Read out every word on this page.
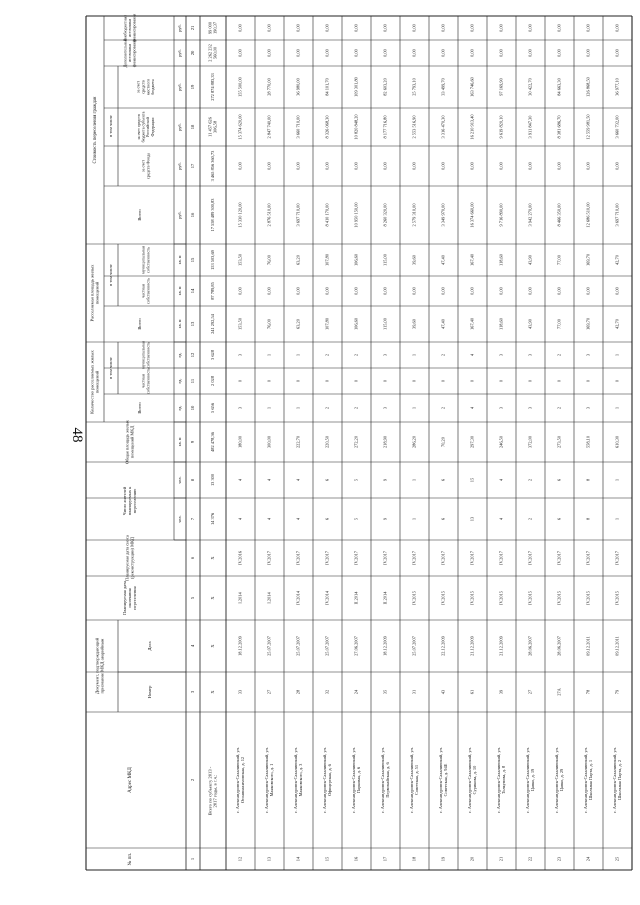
48
№ пп.
Адрес МКД
Документ, подтверждающий признание МКД аварийным	Номер
Дата
Планируемая дата окончания переселения
Планируемая дата сноса (реконструкции) МКД
Число жителей планируемых к переселению
Общая площадь жилых помещений МКД
Количество расселяемых жилых помещений
Всего
в том числе
частная собственность
муниципальная собственность
Расселяемая площадь жилых помещений
Всего
в том числе
частная собственность
муниципальная собственность
Стоимость переселения граждан
Всего
в том числе
за счет средств Фонда
за счет средств бюджета субъекта Российской Федерации
за счет средств местного бюджета
Дополнительные источники финансирования
Внебюджетные источники финансирования
чел.
чел.
кв. м
ед.
ед.
ед.
кв. м
кв. м
кв. м
руб.
руб.
руб.
руб.
руб.
руб.
1
2
3
4
5
6
7
8
9
10
11
12
13
14
15
16
17
18
19
20
21
Всего по субъекту 2013 - 2017 годы, в т.ч.:
X
X
X
X
14 376
13 300
482 478,36
5 656
2 028
3 628
241 292,54
87 789,85
153 503,69
17 558 489 300,83
3 465 856 360,73
11 457 626 306,58
272 874 883,33
2 262 232 560,00
99 000 190,37
12
г. Александровск-Сахалинский, ул. Осоавиахимовская, д. 12
33
18.12.2009
I.2014
IV.2016
4
4
180,00
3
0
3
153,50
0,00
153,50
15 330 120,00
0,00
15 374 620,00
155 500,00
0,00
0,00
13
г. Александровск-Сахалинский, ул. Маяковского, д. 1
27
25.07.2007
I.2014
IV.2017
4
4
300,00
1
0
1
76,00
0,00
76,00
2 876 510,00
0,00
2 847 740,00
28 770,00
0,00
0,00
14
г. Александровск-Сахалинский, ул. Маяковского, д. 3
28
25.07.2007
IV.2014
IV.2017
4
4
222,70
1
0
1
63,20
0,00
63,20
3 697 710,00
0,00
3 660 710,00
36 980,00
0,00
0,00
15
г. Александровск-Сахалинский, ул. Офицерская, д. 6
32
25.07.2007
IV.2014
IV.2017
6
6
220,50
2
0
2
107,80
0,00
107,80
8 410 170,00
0,00
8 326 068,30
84 101,70
0,00
0,00
16
г. Александровск-Сахалинский, ул. Парковая, д. 6
24
27.06.2007
II.2014
IV.2017
5
5
272,20
2
0
2
106,60
0,00
106,60
10 950 150,00
0,00
10 820 848,20
109 301,80
0,00
0,00
17
г. Александровск-Сахалинский, ул. Первомайская, д. 6
35
18.12.2009
II.2014
IV.2017
9
9
218,90
3
0
3
115,00
0,00
115,00
8 260 320,00
0,00
8 177 716,80
82 603,20
0,00
0,00
18
г. Александровск-Сахалинский, ул. Советская, д. 51
31
25.07.2007
IV.2015
IV.2017
1
1
286,20
1
0
1
39,60
0,00
39,60
2 579 310,00
0,00
2 553 516,90
25 793,10
0,00
0,00
19
г. Александровск-Сахалинский, ул. Советская, д. 94Е
43
22.12.2009
IV.2015
IV.2017
6
6
70,20
2
0
2
47,40
0,00
47,40
3 349 970,00
0,00
3 316 470,30
33 499,70
0,00
0,00
20
г. Александровск-Сахалинский, ул. Сурикова, д. 10
61
21.12.2009
IV.2015
IV.2017
13
15
297,30
4
0
4
167,40
0,00
167,40
16 374 660,00
0,00
16 210 913,40
163 746,60
0,00
0,00
21
г. Александровск-Сахалинский, ул. Толкунова, д. 8
39
21.12.2009
IV.2015
IV.2017
4
4
246,50
3
0
3
118,60
0,00
118,60
9 716 890,00
0,00
9 619 820,10
97 169,90
0,00
0,00
22
г. Александровск-Сахалинский, ул. Цапко, д. 19
27
28.06.2007
IV.2015
IV.2017
2
2
372,00
3
0
3
43,90
0,00
43,90
3 942 270,00
0,00
3 911 847,30
30 422,70
0,00
0,00
23
г. Александровск-Сахалинский, ул. Цапко, д. 29
27А
28.06.2007
IV.2015
IV.2017
6
6
273,50
2
0
2
77,00
0,00
77,00
8 466 350,00
0,00
8 381 686,70
84 663,30
0,00
0,00
24
г. Александровск-Сахалинский, ул. Школьная Парта, д. 1
78
09.12.2011
IV.2015
IV.2017
8
8
558,10
3
0
3
169,70
0,00
169,70
12 686 510,00
0,00
12 559 981,50
126 868,50
0,00
0,00
25
г. Александровск-Сахалинский, ул. Школьная Парта, д. 2
79
09.12.2011
IV.2015
IV.2017
1
1
610,30
1
0
1
42,70
0,00
42,70
3 697 710,00
0,00
3 660 732,00
36 977,10
0,00
0,00
